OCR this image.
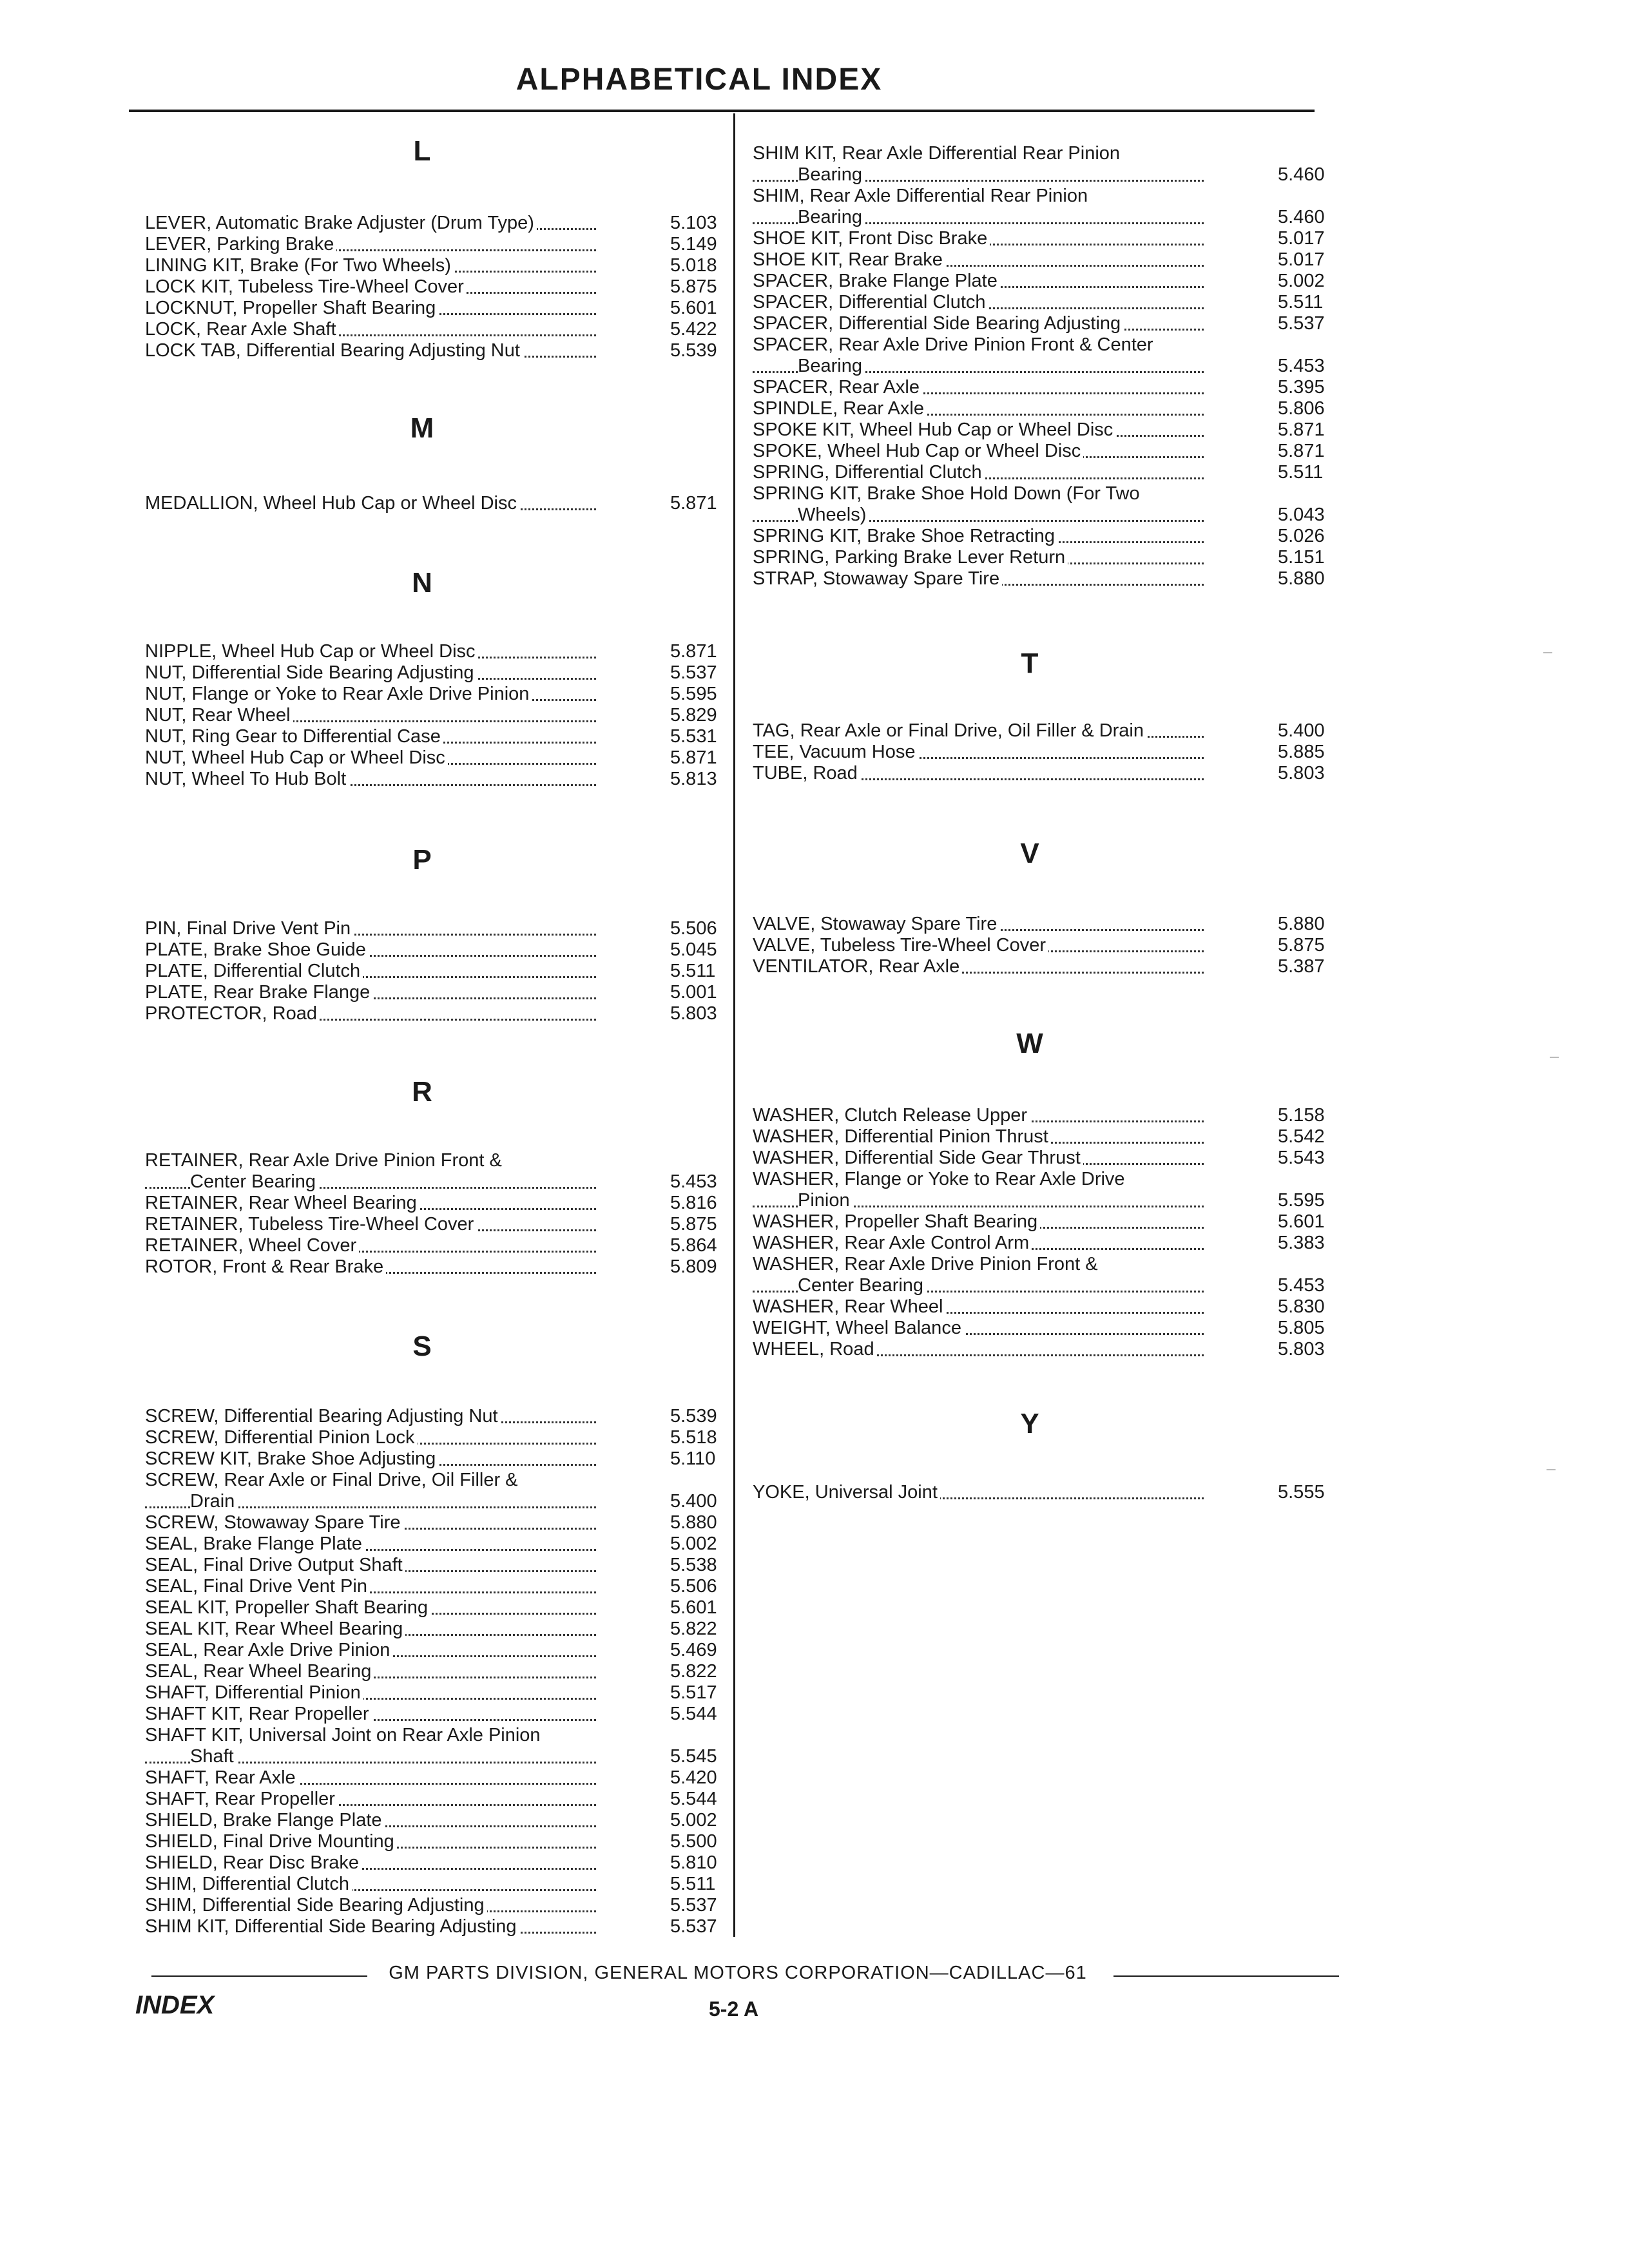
ALPHABETICAL INDEX
L
LEVER, Automatic Brake Adjuster (Drum Type)	5.103
LEVER, Parking Brake	5.149
LINING KIT, Brake (For Two Wheels)	5.018
LOCK KIT, Tubeless Tire-Wheel Cover	5.875
LOCKNUT, Propeller Shaft Bearing	5.601
LOCK, Rear Axle Shaft	5.422
LOCK TAB, Differential Bearing Adjusting Nut	5.539
M
MEDALLION, Wheel Hub Cap or Wheel Disc	5.871
N
NIPPLE, Wheel Hub Cap or Wheel Disc	5.871
NUT, Differential Side Bearing Adjusting	5.537
NUT, Flange or Yoke to Rear Axle Drive Pinion	5.595
NUT, Rear Wheel	5.829
NUT, Ring Gear to Differential Case	5.531
NUT, Wheel Hub Cap or Wheel Disc	5.871
NUT, Wheel To Hub Bolt	5.813
P
PIN, Final Drive Vent Pin	5.506
PLATE, Brake Shoe Guide	5.045
PLATE, Differential Clutch	5.511
PLATE, Rear Brake Flange	5.001
PROTECTOR, Road	5.803
R
RETAINER, Rear Axle Drive Pinion Front &
Center Bearing	5.453
RETAINER, Rear Wheel Bearing	5.816
RETAINER, Tubeless Tire-Wheel Cover	5.875
RETAINER, Wheel Cover	5.864
ROTOR, Front & Rear Brake	5.809
S
SCREW, Differential Bearing Adjusting Nut	5.539
SCREW, Differential Pinion Lock	5.518
SCREW KIT, Brake Shoe Adjusting	5.110
SCREW, Rear Axle or Final Drive, Oil Filler &
Drain	5.400
SCREW, Stowaway Spare Tire	5.880
SEAL, Brake Flange Plate	5.002
SEAL, Final Drive Output Shaft	5.538
SEAL, Final Drive Vent Pin	5.506
SEAL KIT, Propeller Shaft Bearing	5.601
SEAL KIT, Rear Wheel Bearing	5.822
SEAL, Rear Axle Drive Pinion	5.469
SEAL, Rear Wheel Bearing	5.822
SHAFT, Differential Pinion	5.517
SHAFT KIT, Rear Propeller	5.544
SHAFT KIT, Universal Joint on Rear Axle Pinion
Shaft	5.545
SHAFT, Rear Axle	5.420
SHAFT, Rear Propeller	5.544
SHIELD, Brake Flange Plate	5.002
SHIELD, Final Drive Mounting	5.500
SHIELD, Rear Disc Brake	5.810
SHIM, Differential Clutch	5.511
SHIM, Differential Side Bearing Adjusting	5.537
SHIM KIT, Differential Side Bearing Adjusting	5.537
SHIM KIT, Rear Axle Differential Rear Pinion
Bearing	5.460
SHIM, Rear Axle Differential Rear Pinion
Bearing	5.460
SHOE KIT, Front Disc Brake	5.017
SHOE KIT, Rear Brake	5.017
SPACER, Brake Flange Plate	5.002
SPACER, Differential Clutch	5.511
SPACER, Differential Side Bearing Adjusting	5.537
SPACER, Rear Axle Drive Pinion Front & Center
Bearing	5.453
SPACER, Rear Axle	5.395
SPINDLE, Rear Axle	5.806
SPOKE KIT, Wheel Hub Cap or Wheel Disc	5.871
SPOKE, Wheel Hub Cap or Wheel Disc	5.871
SPRING, Differential Clutch	5.511
SPRING KIT, Brake Shoe Hold Down (For Two
Wheels)	5.043
SPRING KIT, Brake Shoe Retracting	5.026
SPRING, Parking Brake Lever Return	5.151
STRAP, Stowaway Spare Tire	5.880
T
TAG, Rear Axle or Final Drive, Oil Filler & Drain	5.400
TEE, Vacuum Hose	5.885
TUBE, Road	5.803
V
VALVE, Stowaway Spare Tire	5.880
VALVE, Tubeless Tire-Wheel Cover	5.875
VENTILATOR, Rear Axle	5.387
W
WASHER, Clutch Release Upper	5.158
WASHER, Differential Pinion Thrust	5.542
WASHER, Differential Side Gear Thrust	5.543
WASHER, Flange or Yoke to Rear Axle Drive
Pinion	5.595
WASHER, Propeller Shaft Bearing	5.601
WASHER, Rear Axle Control Arm	5.383
WASHER, Rear Axle Drive Pinion Front &
Center Bearing	5.453
WASHER, Rear Wheel	5.830
WEIGHT, Wheel Balance	5.805
WHEEL, Road	5.803
Y
YOKE, Universal Joint	5.555
GM PARTS DIVISION, GENERAL MOTORS CORPORATION—CADILLAC—61
INDEX	5-2 A
